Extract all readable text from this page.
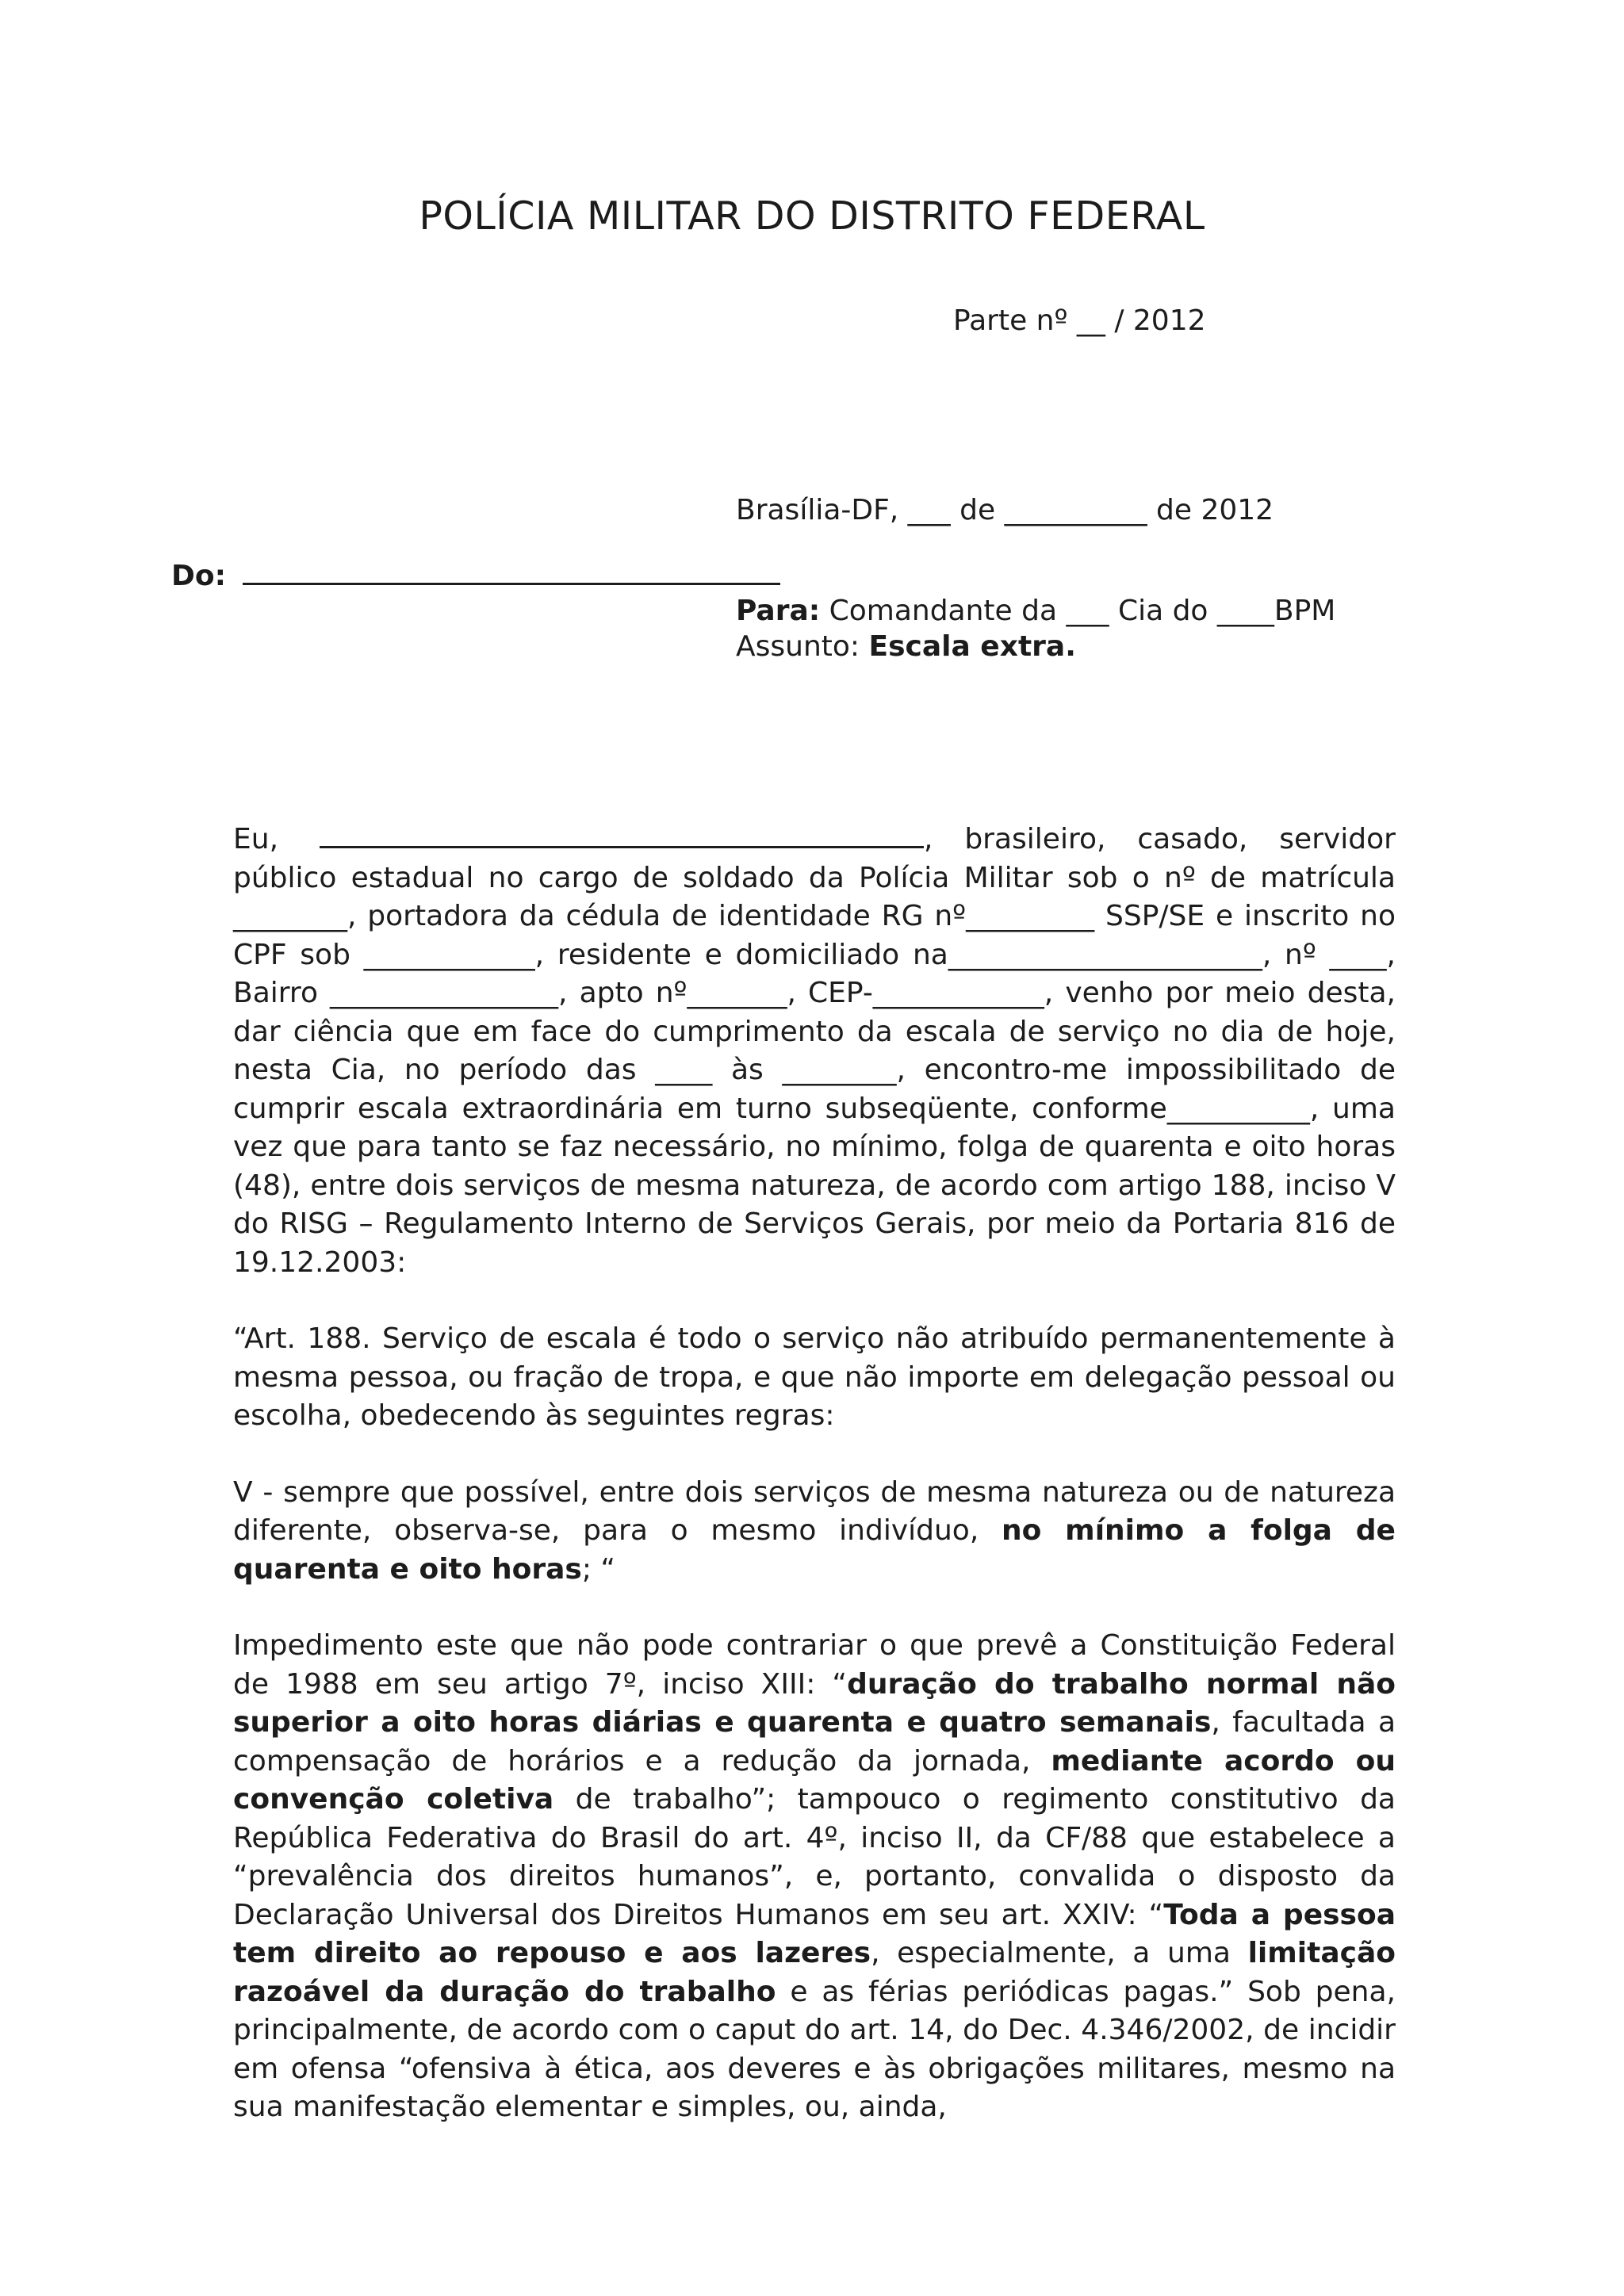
POLÍCIA MILITAR DO DISTRITO FEDERAL
Parte nº __ / 2012
Brasília-DF, ___ de __________ de 2012
Do:
Para: Comandante da ___ Cia do ____BPM
Assunto: Escala extra.

Eu,	, brasileiro, casado, servidor público estadual no cargo de soldado da Polícia Militar sob o nº de matrícula ________, portadora da cédula de identidade RG nº_________ SSP/SE e inscrito no CPF sob ____________, residente e domiciliado na______________________, nº ____, Bairro ________________, apto nº_______, CEP-____________, venho por meio desta, dar ciência que em face do cumprimento da escala de serviço no dia de hoje, nesta Cia, no período das ____ às ________, encontro-me impossibilitado de cumprir escala extraordinária em turno subseqüente, conforme__________, uma vez que para tanto se faz necessário, no mínimo, folga de quarenta e oito horas (48), entre dois serviços de mesma natureza, de acordo com artigo 188, inciso V do RISG – Regulamento Interno de Serviços Gerais, por meio da Portaria 816 de 19.12.2003:

“Art. 188. Serviço de escala é todo o serviço não atribuído permanentemente à mesma pessoa, ou fração de tropa, e que não importe em delegação pessoal ou escolha, obedecendo às seguintes regras:

V - sempre que possível, entre dois serviços de mesma natureza ou de natureza diferente, observa-se, para o mesmo indivíduo, no mínimo a folga de quarenta e oito horas; “

Impedimento este que não pode contrariar o que prevê a Constituição Federal de 1988 em seu artigo 7º, inciso XIII: “duração do trabalho normal não superior a oito horas diárias e quarenta e quatro semanais, facultada a compensação de horários e a redução da jornada, mediante acordo ou convenção coletiva de trabalho”; tampouco o regimento constitutivo da República Federativa do Brasil do art. 4º, inciso II, da CF/88 que estabelece a “prevalência dos direitos humanos”, e, portanto, convalida o disposto da Declaração Universal dos Direitos Humanos em seu art. XXIV: “Toda a pessoa tem direito ao repouso e aos lazeres, especialmente, a uma limitação razoável da duração do trabalho e as férias periódicas pagas.” Sob pena, principalmente, de acordo com o caput do art. 14, do Dec. 4.346/2002, de incidir em ofensa “ofensiva à ética, aos deveres e às obrigações militares, mesmo na sua manifestação elementar e simples, ou, ainda,
